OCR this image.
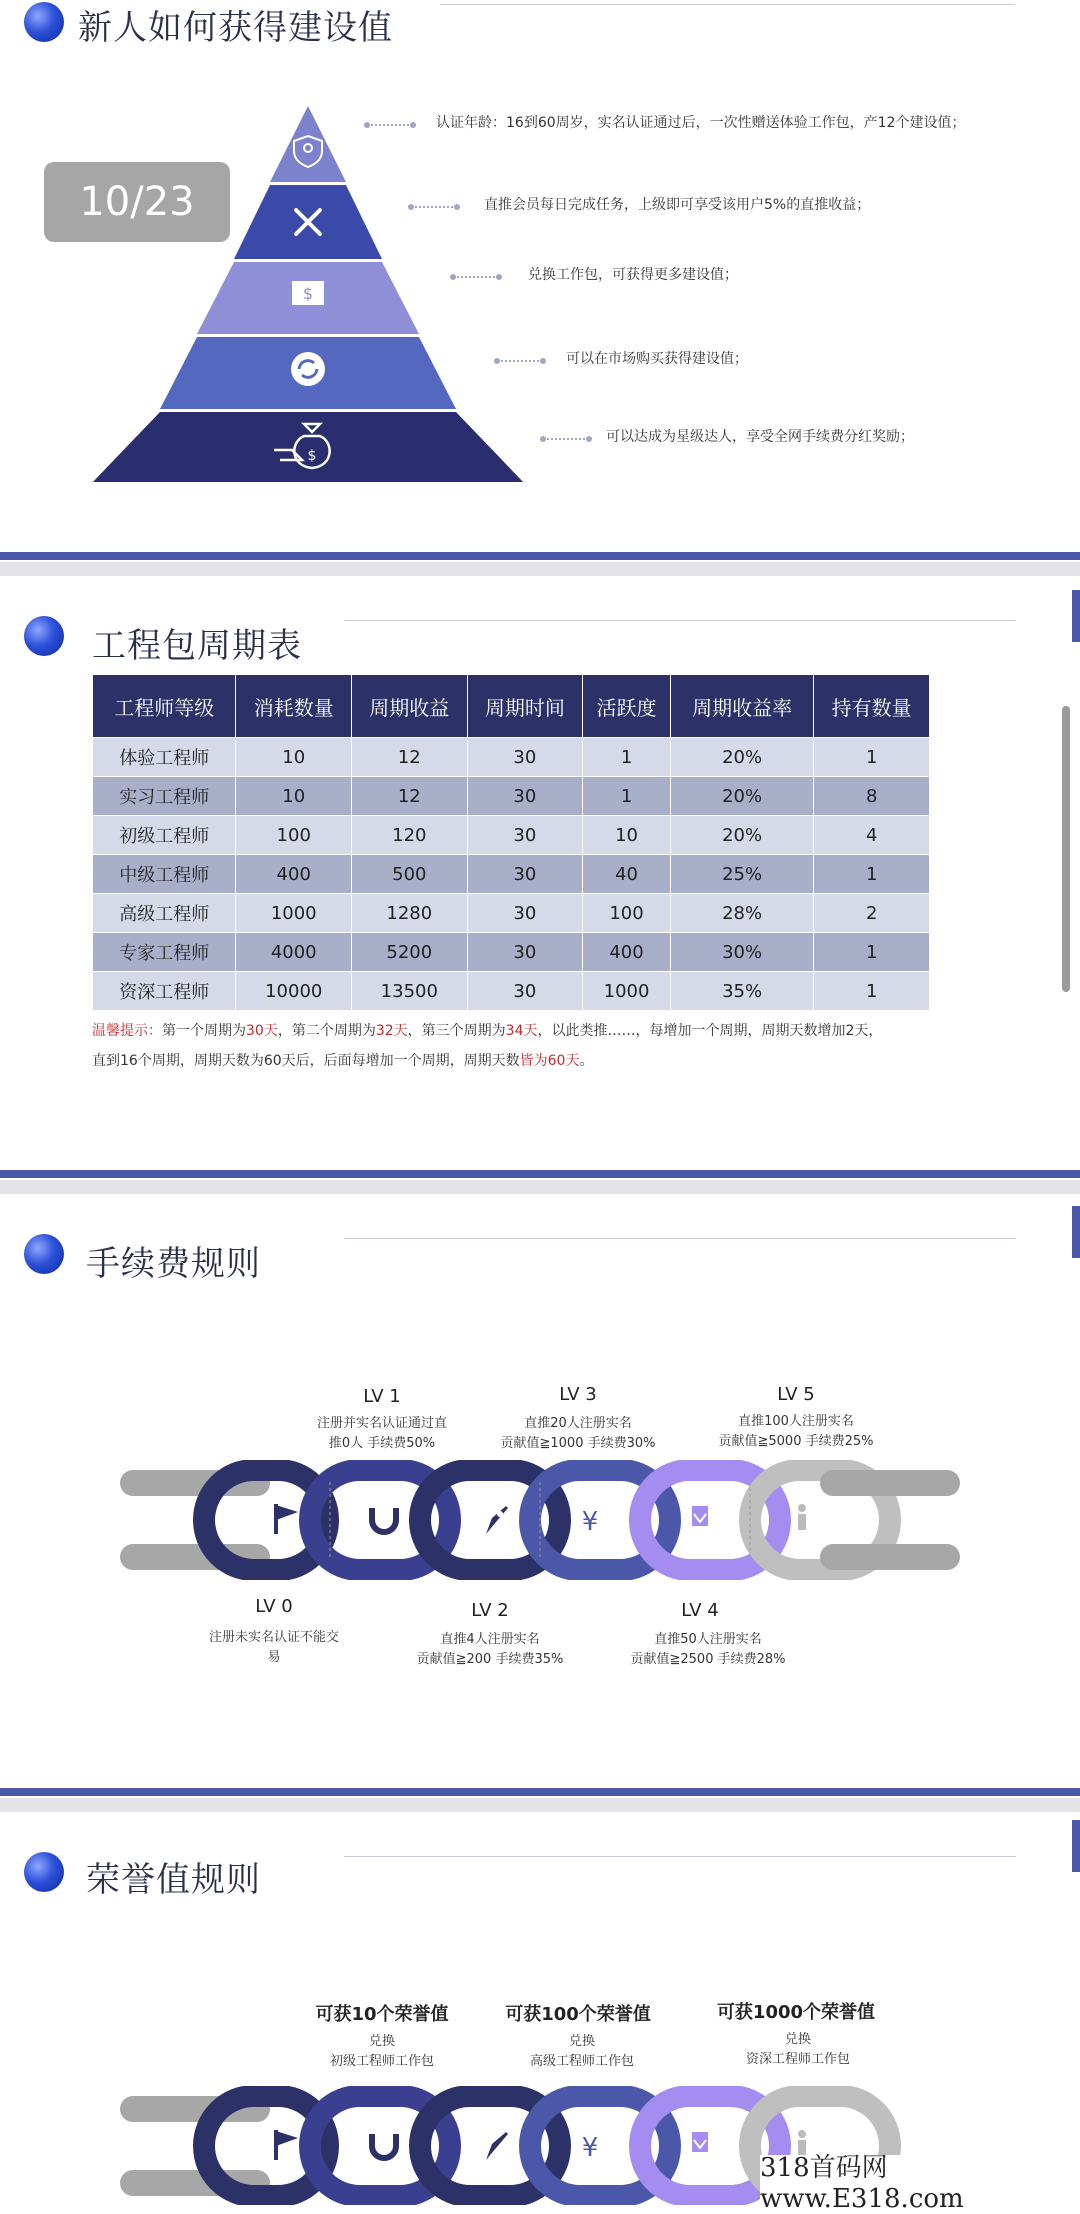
新人如何获得建设值
$
$
10/23
认证年龄：16到60周岁，实名认证通过后，一次性赠送体验工作包，产12个建设值；
直推会员每日完成任务，上级即可享受该用户5%的直推收益；
兑换工作包，可获得更多建设值；
可以在市场购买获得建设值；
可以达成为星级达人，享受全网手续费分红奖励；
工程包周期表
工程师等级	消耗数量	周期收益	周期时间	活跃度	周期收益率	持有数量
体验工程师	10	12	30	1	20%	1
实习工程师	10	12	30	1	20%	8
初级工程师	100	120	30	10	20%	4
中级工程师	400	500	30	40	25%	1
高级工程师	1000	1280	30	100	28%	2
专家工程师	4000	5200	30	400	30%	1
资深工程师	10000	13500	30	1000	35%	1
温馨提示：第一个周期为30天，第二个周期为32天，第三个周期为34天，以此类推……，每增加一个周期，周期天数增加2天，
直到16个周期，周期天数为60天后，后面每增加一个周期，周期天数皆为60天。
手续费规则
LV 1
注册并实名认证通过直
推0人 手续费50%
LV 3
直推20人注册实名
贡献值≧1000 手续费30%
LV 5
直推100人注册实名
贡献值≧5000 手续费25%
¥
LV 0
注册未实名认证不能交
易
LV 2
直推4人注册实名
贡献值≧200 手续费35%
LV 4
直推50人注册实名
贡献值≧2500 手续费28%
荣誉值规则
可获10个荣誉值
兑换
初级工程师工作包
可获100个荣誉值
兑换
高级工程师工作包
可获1000个荣誉值
兑换
资深工程师工作包
¥
318首码网 www.E318.com
